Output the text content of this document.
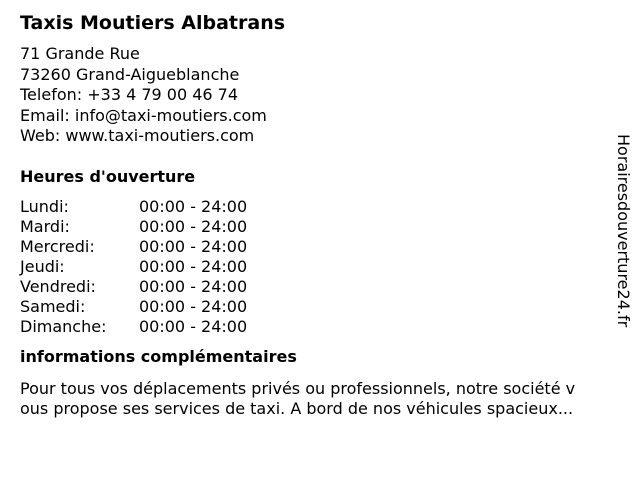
Taxis Moutiers Albatrans
71 Grande Rue
73260 Grand-Aigueblanche
Telefon: +33 4 79 00 46 74
Email: info@taxi-moutiers.com
Web: www.taxi-moutiers.com
Heures d'ouverture
Lundi:	00:00 - 24:00
Mardi:	00:00 - 24:00
Mercredi:	00:00 - 24:00
Jeudi:	00:00 - 24:00
Vendredi:	00:00 - 24:00
Samedi:	00:00 - 24:00
Dimanche: 00:00 - 24:00
informations complémentaires
Pour tous vos déplacements privés ou professionnels, notre société v
ous propose ses services de taxi. A bord de nos véhicules spacieux...
Horairesdouverture24.fr
